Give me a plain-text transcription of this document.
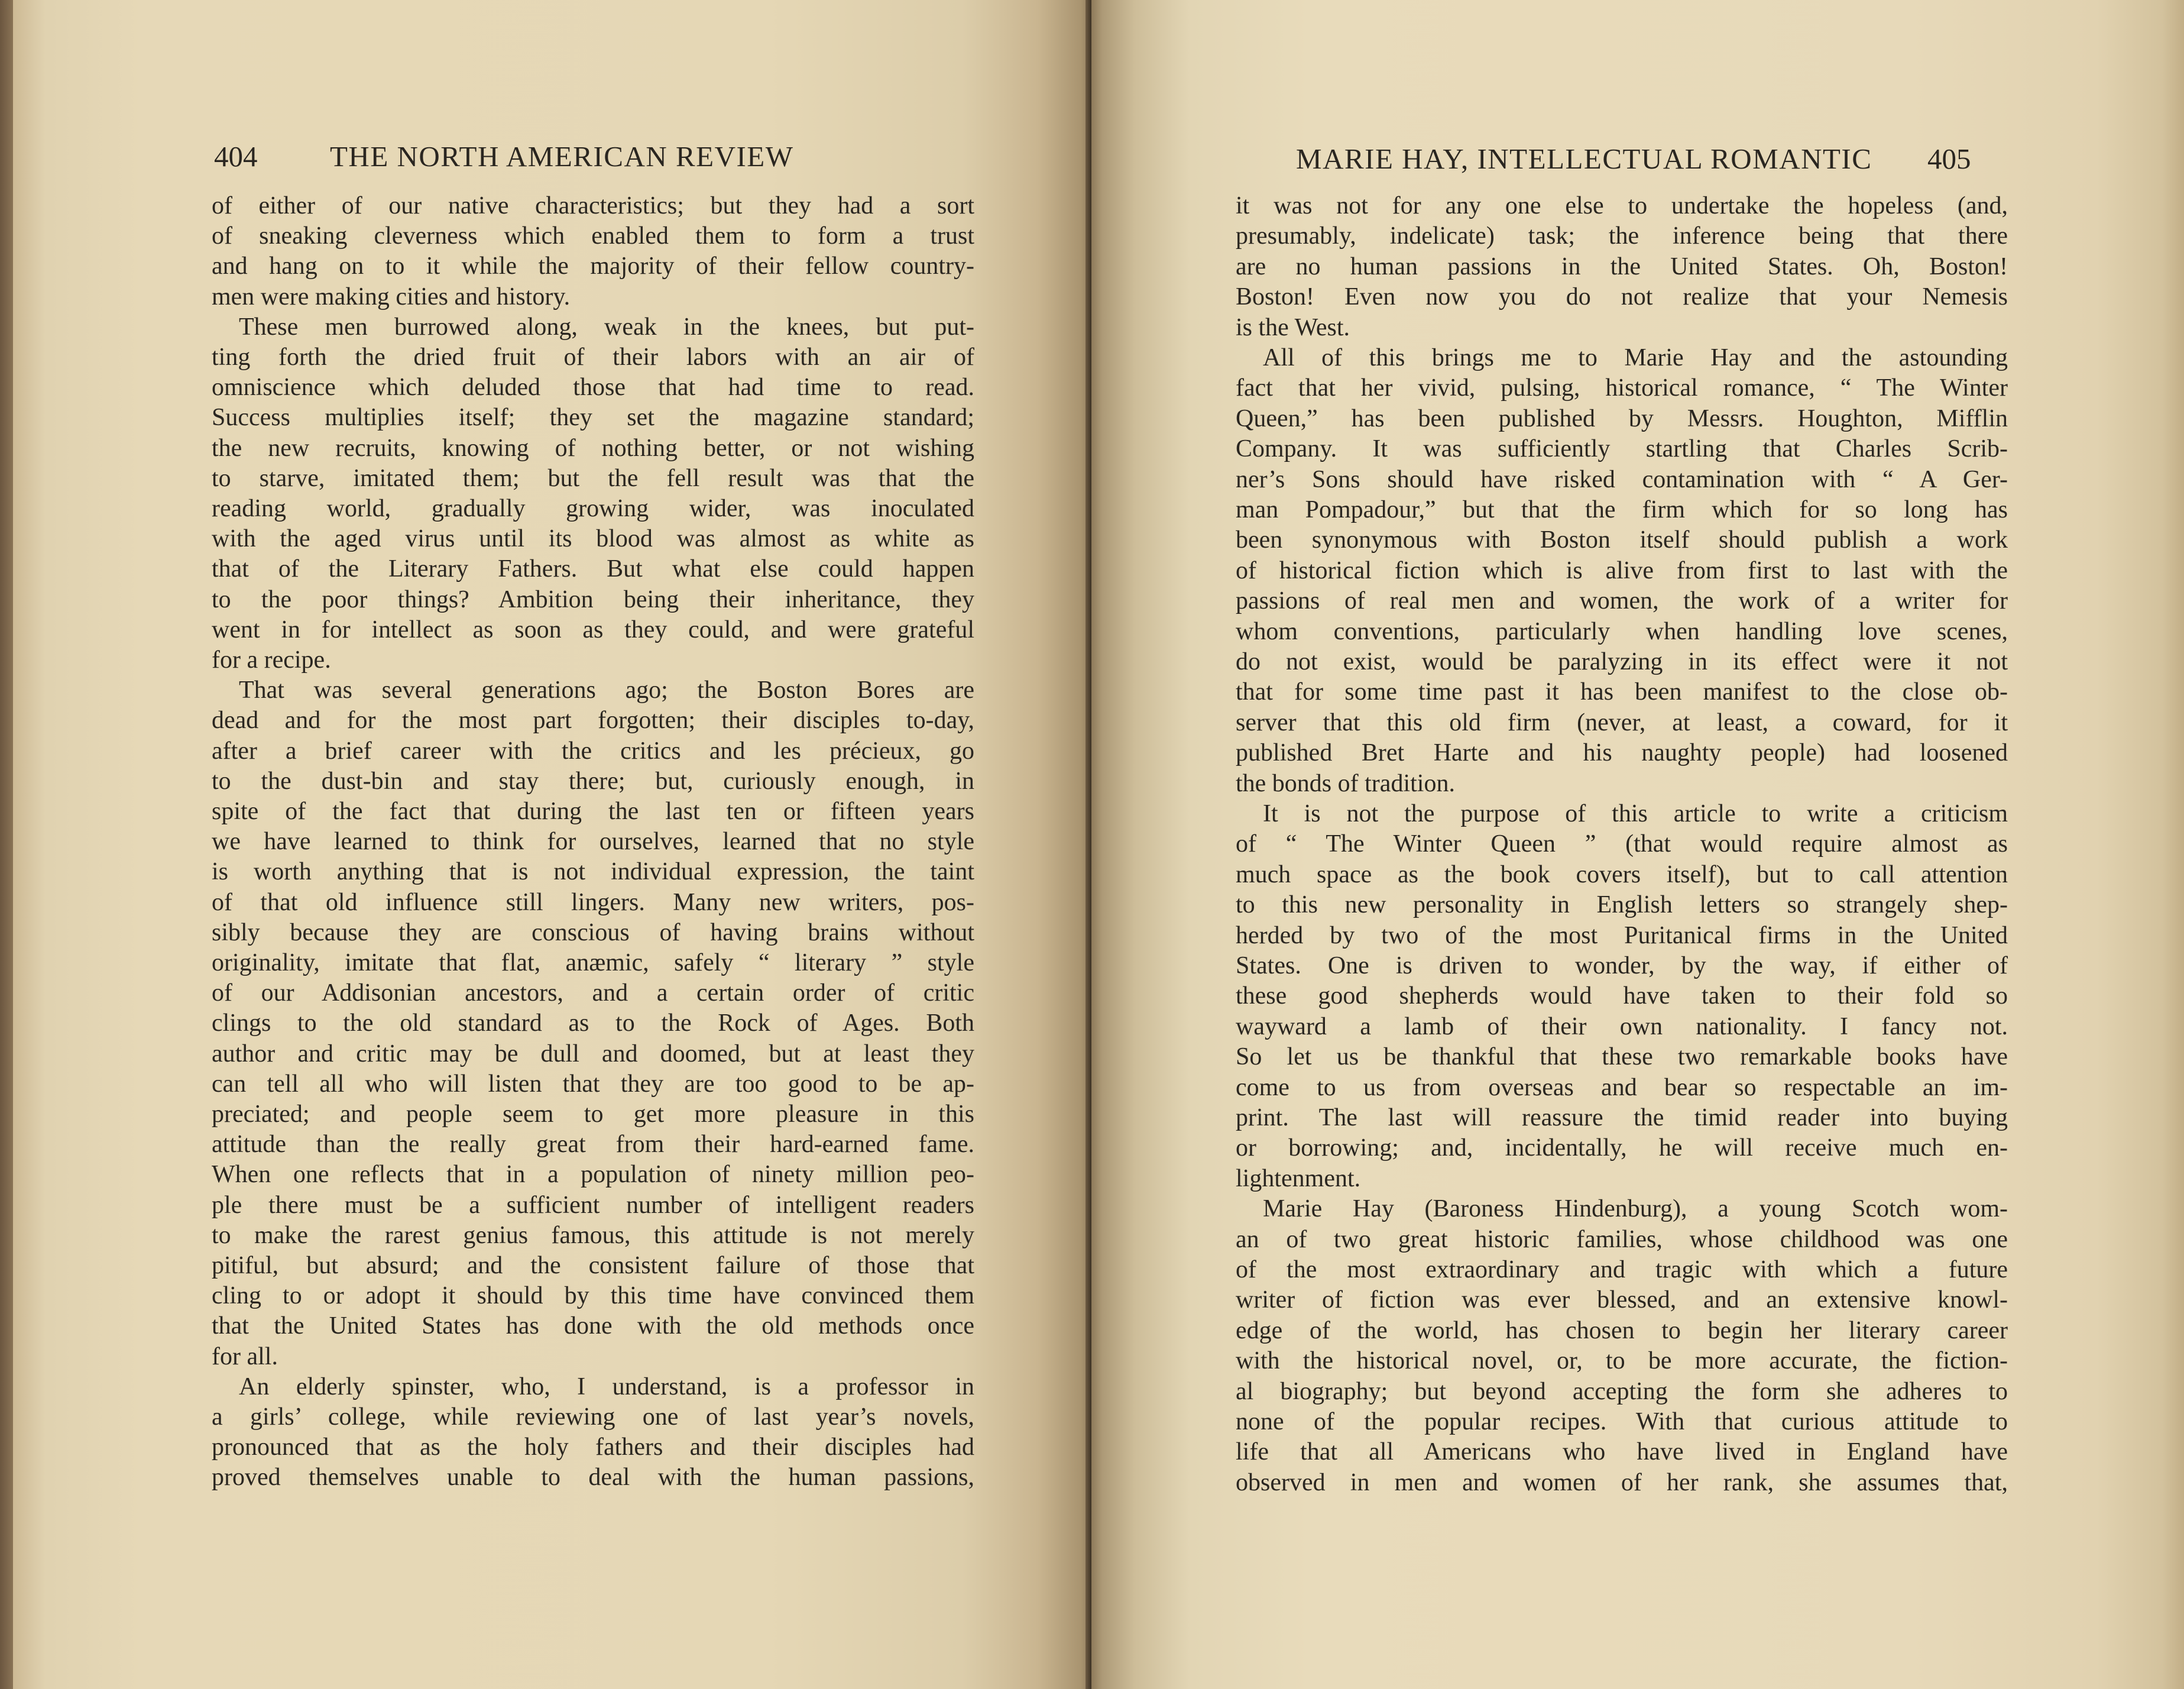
404	THE NORTH AMERICAN REVIEW
of either of our native characteristics; but they had a sort
of sneaking cleverness which enabled them to form a trust
and hang on to it while the majority of their fellow country-
men were making cities and history.
These men burrowed along, weak in the knees, but put-
ting forth the dried fruit of their labors with an air of
omniscience which deluded those that had time to read.
Success multiplies itself; they set the magazine standard;
the new recruits, knowing of nothing better, or not wishing
to starve, imitated them; but the fell result was that the
reading world, gradually growing wider, was inoculated
with the aged virus until its blood was almost as white as
that of the Literary Fathers. But what else could happen
to the poor things? Ambition being their inheritance, they
went in for intellect as soon as they could, and were grateful
for a recipe.
That was several generations ago; the Boston Bores are
dead and for the most part forgotten; their disciples to-day,
after a brief career with the critics and les précieux, go
to the dust-bin and stay there; but, curiously enough, in
spite of the fact that during the last ten or fifteen years
we have learned to think for ourselves, learned that no style
is worth anything that is not individual expression, the taint
of that old influence still lingers. Many new writers, pos-
sibly because they are conscious of having brains without
originality, imitate that flat, anæmic, safely “ literary ” style
of our Addisonian ancestors, and a certain order of critic
clings to the old standard as to the Rock of Ages. Both
author and critic may be dull and doomed, but at least they
can tell all who will listen that they are too good to be ap-
preciated; and people seem to get more pleasure in this
attitude than the really great from their hard-earned fame.
When one reflects that in a population of ninety million peo-
ple there must be a sufficient number of intelligent readers
to make the rarest genius famous, this attitude is not merely
pitiful, but absurd; and the consistent failure of those that
cling to or adopt it should by this time have convinced them
that the United States has done with the old methods once
for all.
An elderly spinster, who, I understand, is a professor in
a girls’ college, while reviewing one of last year’s novels,
pronounced that as the holy fathers and their disciples had
proved themselves unable to deal with the human passions,
MARIE HAY, INTELLECTUAL ROMANTIC 405
it was not for any one else to undertake the hopeless (and,
presumably, indelicate) task; the inference being that there
are no human passions in the United States. Oh, Boston!
Boston! Even now you do not realize that your Nemesis
is the West.
All of this brings me to Marie Hay and the astounding
fact that her vivid, pulsing, historical romance, “ The Winter
Queen,” has been published by Messrs. Houghton, Mifflin
Company. It was sufficiently startling that Charles Scrib-
ner’s Sons should have risked contamination with “ A Ger-
man Pompadour,” but that the firm which for so long has
been synonymous with Boston itself should publish a work
of historical fiction which is alive from first to last with the
passions of real men and women, the work of a writer for
whom conventions, particularly when handling love scenes,
do not exist, would be paralyzing in its effect were it not
that for some time past it has been manifest to the close ob-
server that this old firm (never, at least, a coward, for it
published Bret Harte and his naughty people) had loosened
the bonds of tradition.
It is not the purpose of this article to write a criticism
of “ The Winter Queen ” (that would require almost as
much space as the book covers itself), but to call attention
to this new personality in English letters so strangely shep-
herded by two of the most Puritanical firms in the United
States. One is driven to wonder, by the way, if either of
these good shepherds would have taken to their fold so
wayward a lamb of their own nationality. I fancy not.
So let us be thankful that these two remarkable books have
come to us from overseas and bear so respectable an im-
print. The last will reassure the timid reader into buying
or borrowing; and, incidentally, he will receive much en-
lightenment.
Marie Hay (Baroness Hindenburg), a young Scotch wom-
an of two great historic families, whose childhood was one
of the most extraordinary and tragic with which a future
writer of fiction was ever blessed, and an extensive knowl-
edge of the world, has chosen to begin her literary career
with the historical novel, or, to be more accurate, the fiction-
al biography; but beyond accepting the form she adheres to
none of the popular recipes. With that curious attitude to
life that all Americans who have lived in England have
observed in men and women of her rank, she assumes that,
